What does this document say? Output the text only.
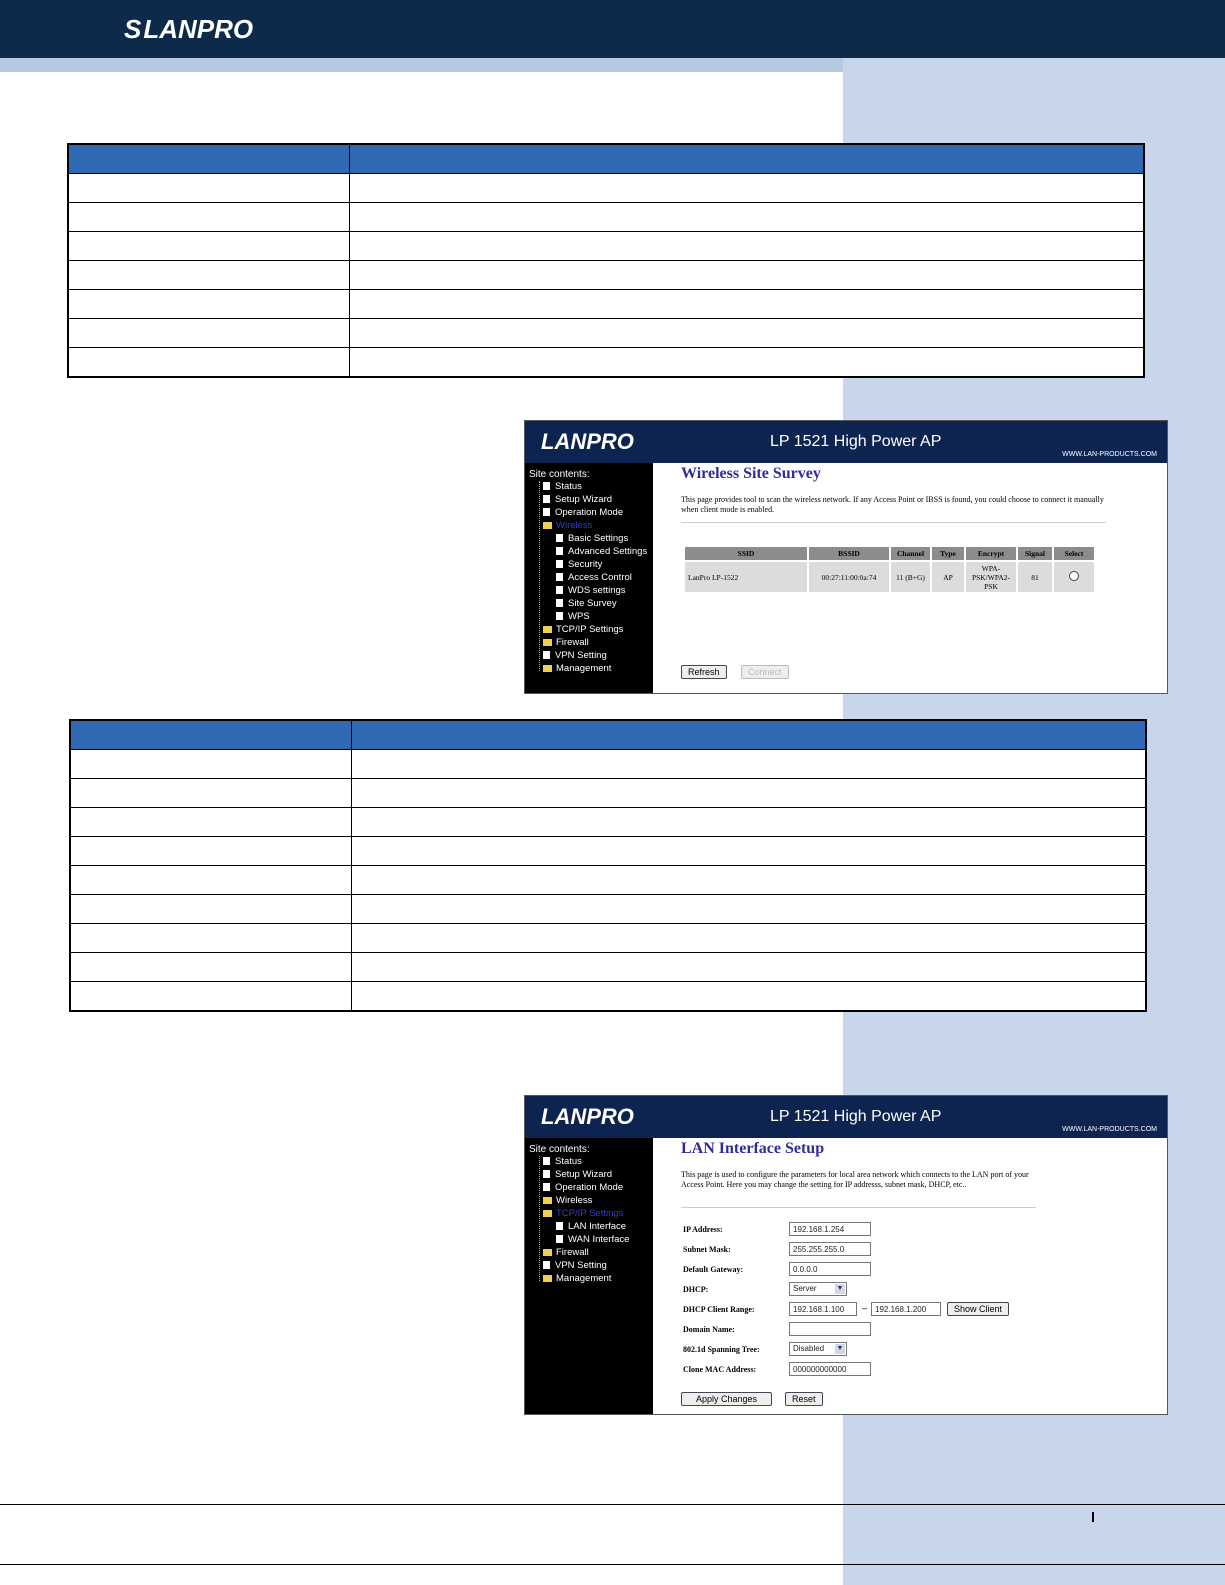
SLANPRO

LANPRO	LP 1521 High Power AP
WWW.LAN-PRODUCTS.COM
Site contents:
Status
Setup Wizard
Operation Mode
Wireless
Basic Settings
Advanced Settings
Security
Access Control
WDS settings
Site Survey
WPS
TCP/IP Settings
Firewall
VPN Setting
Management
Wireless Site Survey
This page provides tool to scan the wireless network. If any Access Point or IBSS is found, you could choose to connect it manually when client mode is enabled.
SSID	BSSID	Channel	Type	Encrypt	Signal	Select
LanPro LP-1522	00:27:11:00:0a:74	11 (B+G)	AP	WPA-PSK/WPA2-PSK	81	
Refresh	Connect

LANPRO	LP 1521 High Power AP
WWW.LAN-PRODUCTS.COM
Site contents:
Status
Setup Wizard
Operation Mode
Wireless
TCP/IP Settings
LAN Interface
WAN Interface
Firewall
VPN Setting
Management
LAN Interface Setup
This page is used to configure the parameters for local area network which connects to the LAN port of your Access Point. Here you may change the setting for IP addresss, subnet mask, DHCP, etc..
IP Address:	192.168.1.254
Subnet Mask:	255.255.255.0
Default Gateway:	0.0.0.0
DHCP:	Server	▼
DHCP Client Range:	192.168.1.100	– 192.168.1.200	Show Client
Domain Name:
802.1d Spanning Tree:	Disabled ▼
Clone MAC Address:	000000000000
Apply Changes	Reset
